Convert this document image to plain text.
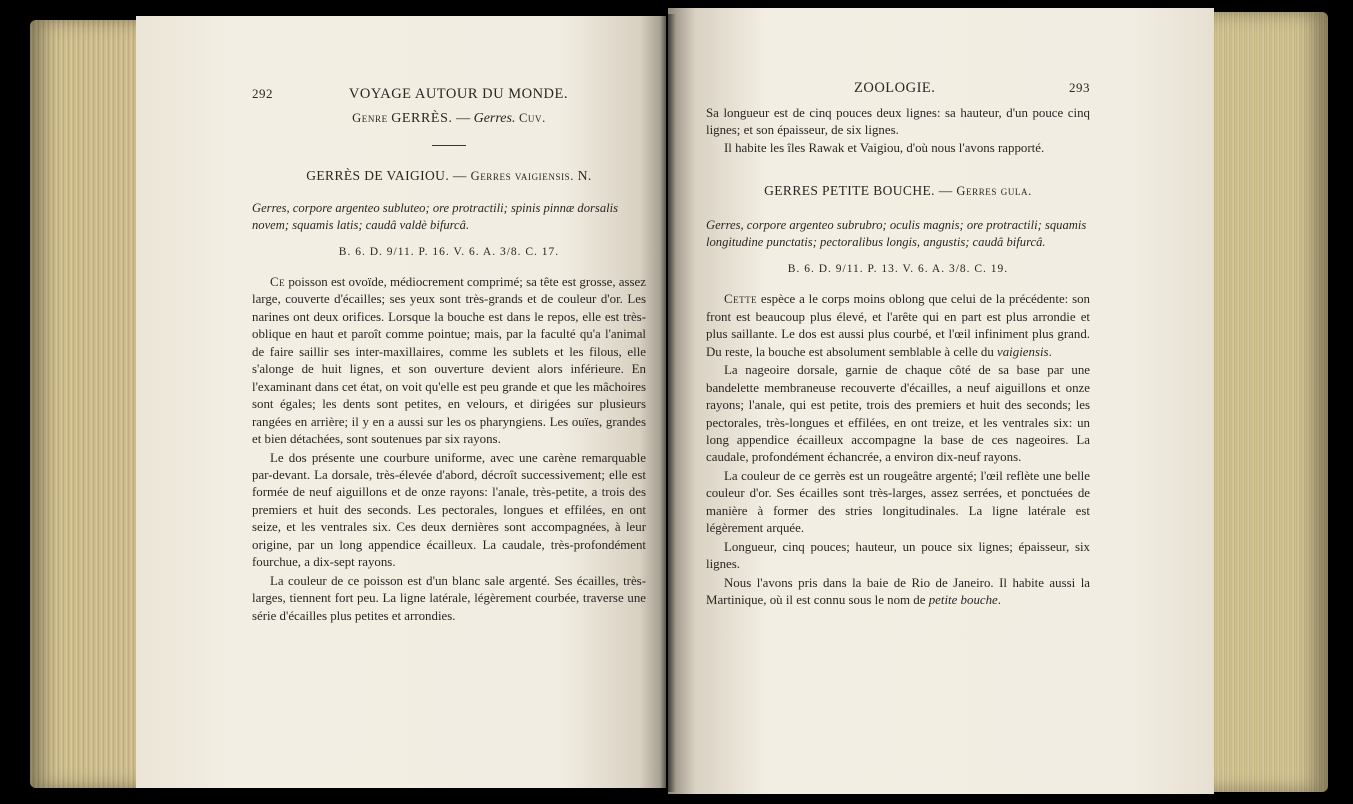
292	VOYAGE AUTOUR DU MONDE.
Genre GERRÈS. — Gerres. Cuv.
GERRÈS DE VAIGIOU. — Gerres vaigiensis. N.
Gerres, corpore argenteo subluteo; ore protractili; spinis pinnæ dorsalis novem; squamis latis; caudâ valdè bifurcâ.
B. 6. D. 9/11. P. 16. V. 6. A. 3/8. C. 17.

Ce poisson est ovoïde, médiocrement comprimé; sa tête est grosse, assez large, couverte d'écailles; ses yeux sont très-grands et de couleur d'or. Les narines ont deux orifices. Lorsque la bouche est dans le repos, elle est très-oblique en haut et paroît comme pointue; mais, par la faculté qu'a l'animal de faire saillir ses inter-maxillaires, comme les sublets et les filous, elle s'alonge de huit lignes, et son ouverture devient alors inférieure. En l'examinant dans cet état, on voit qu'elle est peu grande et que les mâchoires sont égales; les dents sont petites, en velours, et dirigées sur plusieurs rangées en arrière; il y en a aussi sur les os pharyngiens. Les ouïes, grandes et bien détachées, sont soutenues par six rayons.

Le dos présente une courbure uniforme, avec une carène remarquable par-devant. La dorsale, très-élevée d'abord, décroît successivement; elle est formée de neuf aiguillons et de onze rayons: l'anale, très-petite, a trois des premiers et huit des seconds. Les pectorales, longues et effilées, en ont seize, et les ventrales six. Ces deux dernières sont accompagnées, à leur origine, par un long appendice écailleux. La caudale, très-profondément fourchue, a dix-sept rayons.

La couleur de ce poisson est d'un blanc sale argenté. Ses écailles, très-larges, tiennent fort peu. La ligne latérale, légèrement courbée, traverse une série d'écailles plus petites et arrondies.

ZOOLOGIE.	293

Sa longueur est de cinq pouces deux lignes: sa hauteur, d'un pouce cinq lignes; et son épaisseur, de six lignes.

Il habite les îles Rawak et Vaigiou, d'où nous l'avons rapporté.

GERRES PETITE BOUCHE. — Gerres gula.
Gerres, corpore argenteo subrubro; oculis magnis; ore protractili; squamis longitudine punctatis; pectoralibus longis, angustis; caudâ bifurcâ.
B. 6. D. 9/11. P. 13. V. 6. A. 3/8. C. 19.

Cette espèce a le corps moins oblong que celui de la précédente: son front est beaucoup plus élevé, et l'arête qui en part est plus arrondie et plus saillante. Le dos est aussi plus courbé, et l'œil infiniment plus grand. Du reste, la bouche est absolument semblable à celle du vaigiensis.

La nageoire dorsale, garnie de chaque côté de sa base par une bandelette membraneuse recouverte d'écailles, a neuf aiguillons et onze rayons; l'anale, qui est petite, trois des premiers et huit des seconds; les pectorales, très-longues et effilées, en ont treize, et les ventrales six: un long appendice écailleux accompagne la base de ces nageoires. La caudale, profondément échancrée, a environ dix-neuf rayons.

La couleur de ce gerrès est un rougeâtre argenté; l'œil reflète une belle couleur d'or. Ses écailles sont très-larges, assez serrées, et ponctuées de manière à former des stries longitudinales. La ligne latérale est légèrement arquée.

Longueur, cinq pouces; hauteur, un pouce six lignes; épaisseur, six lignes.

Nous l'avons pris dans la baie de Rio de Janeiro. Il habite aussi la Martinique, où il est connu sous le nom de petite bouche.
